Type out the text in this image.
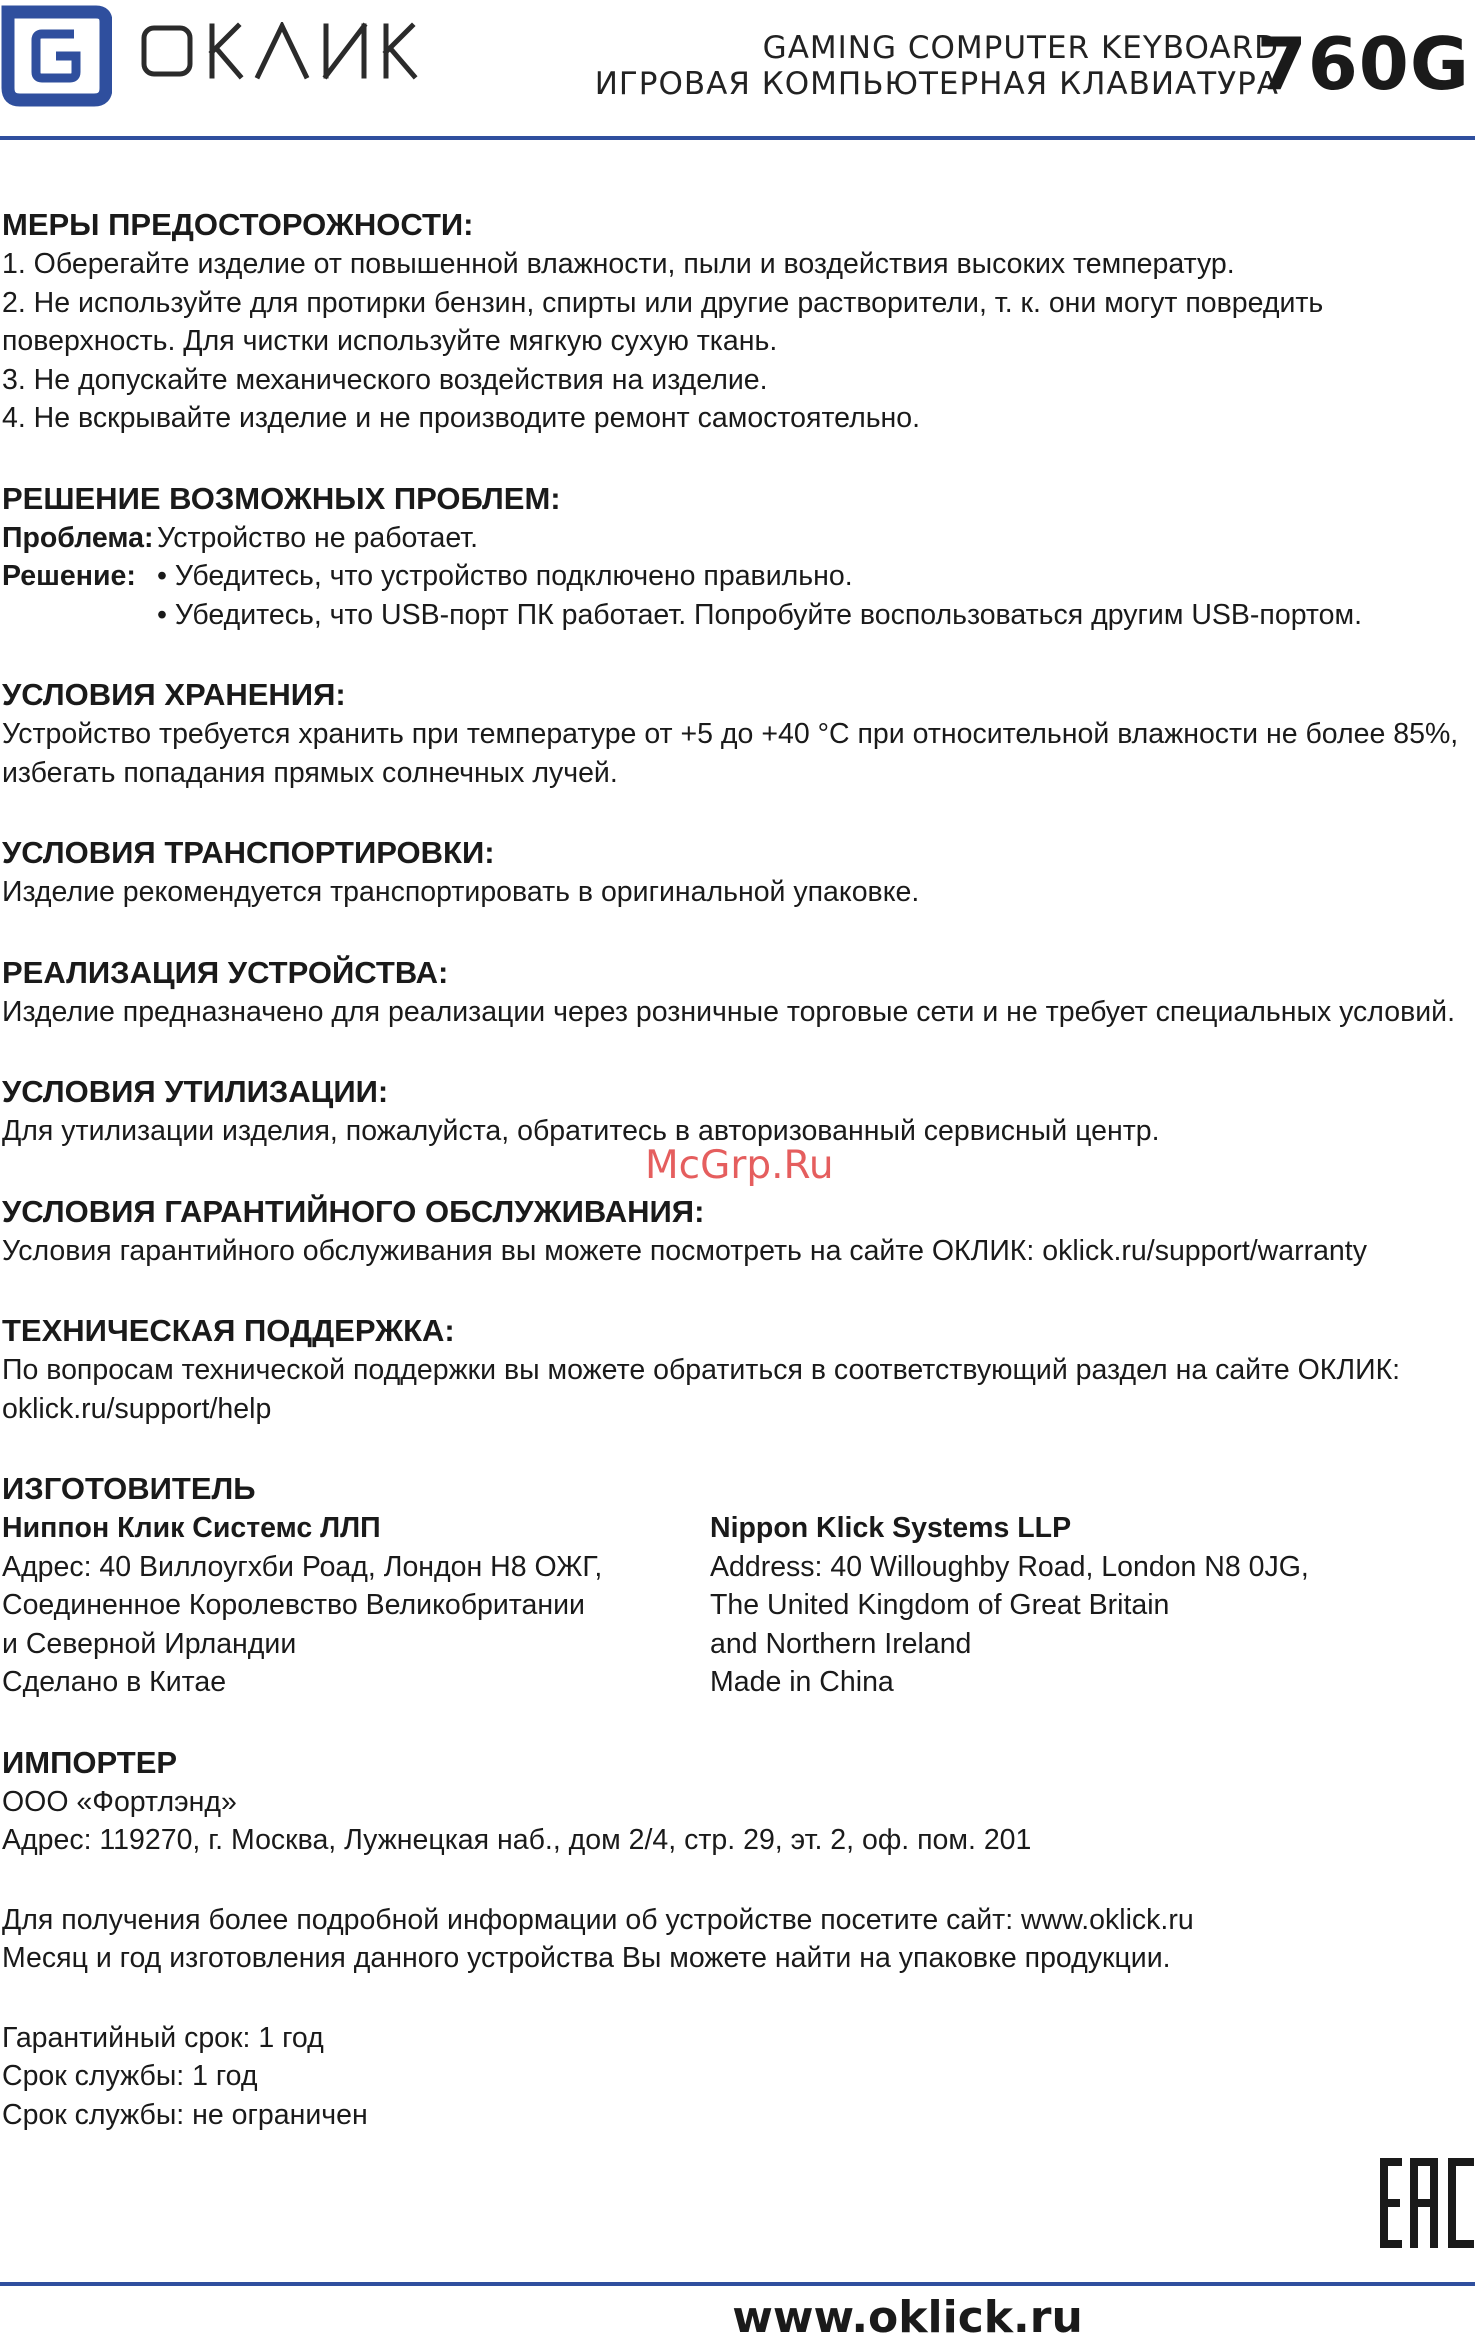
GAMING COMPUTER KEYBOARD
ИГРОВАЯ КОМПЬЮТЕРНАЯ КЛАВИАТУРА
760G
МЕРЫ ПРЕДОСТОРОЖНОСТИ:

1. Оберегайте изделие от повышенной влажности, пыли и воздействия высоких температур.

2. Не используйте для протирки бензин, спирты или другие растворители, т. к. они могут повредить поверхность. Для чистки используйте мягкую сухую ткань.

3. Не допускайте механического воздействия на изделие.

4. Не вскрывайте изделие и не производите ремонт самостоятельно.

РЕШЕНИЕ ВОЗМОЖНЫХ ПРОБЛЕМ:
Проблема: Устройство не работает.
Решение: • Убедитесь, что устройство подключено правильно.

• Убедитесь, что USB-порт ПК работает. Попробуйте воспользоваться другим USB-портом.

УСЛОВИЯ ХРАНЕНИЯ:

Устройство требуется хранить при температуре от +5 до +40 °С при относительной влажности не более 85%, избегать попадания прямых солнечных лучей.

УСЛОВИЯ ТРАНСПОРТИРОВКИ:

Изделие рекомендуется транспортировать в оригинальной упаковке.

РЕАЛИЗАЦИЯ УСТРОЙСТВА:

Изделие предназначено для реализации через розничные торговые сети и не требует специальных условий.

УСЛОВИЯ УТИЛИЗАЦИИ:

Для утилизации изделия, пожалуйста, обратитесь в авторизованный сервисный центр.

УСЛОВИЯ ГАРАНТИЙНОГО ОБСЛУЖИВАНИЯ:

Условия гарантийного обслуживания вы можете посмотреть на сайте ОКЛИК: oklick.ru/support/warranty

ТЕХНИЧЕСКАЯ ПОДДЕРЖКА:

По вопросам технической поддержки вы можете обратиться в соответствующий раздел на сайте ОКЛИК: oklick.ru/support/help

ИЗГОТОВИТЕЛЬ

Ниппон Клик Системс ЛЛП

Адрес: 40 Виллоугхби Роад, Лондон Н8 ОЖГ,

Соединенное Королевство Великобритании

и Северной Ирландии

Сделано в Китае

Nippon Klick Systems LLP

Address: 40 Willoughby Road, London N8 0JG,

The United Kingdom of Great Britain

and Northern Ireland

Made in China

ИМПОРТЕР

ООО «Фортлэнд»

Адрес: 119270, г. Москва, Лужнецкая наб., дом 2/4, стр. 29, эт. 2, оф. пом. 201

Для получения более подробной информации об устройстве посетите сайт: www.oklick.ru

Месяц и год изготовления данного устройства Вы можете найти на упаковке продукции.

Гарантийный срок: 1 год

Срок службы: 1 год

Срок службы: не ограничен

McGrp.Ru
www.oklick.ru
